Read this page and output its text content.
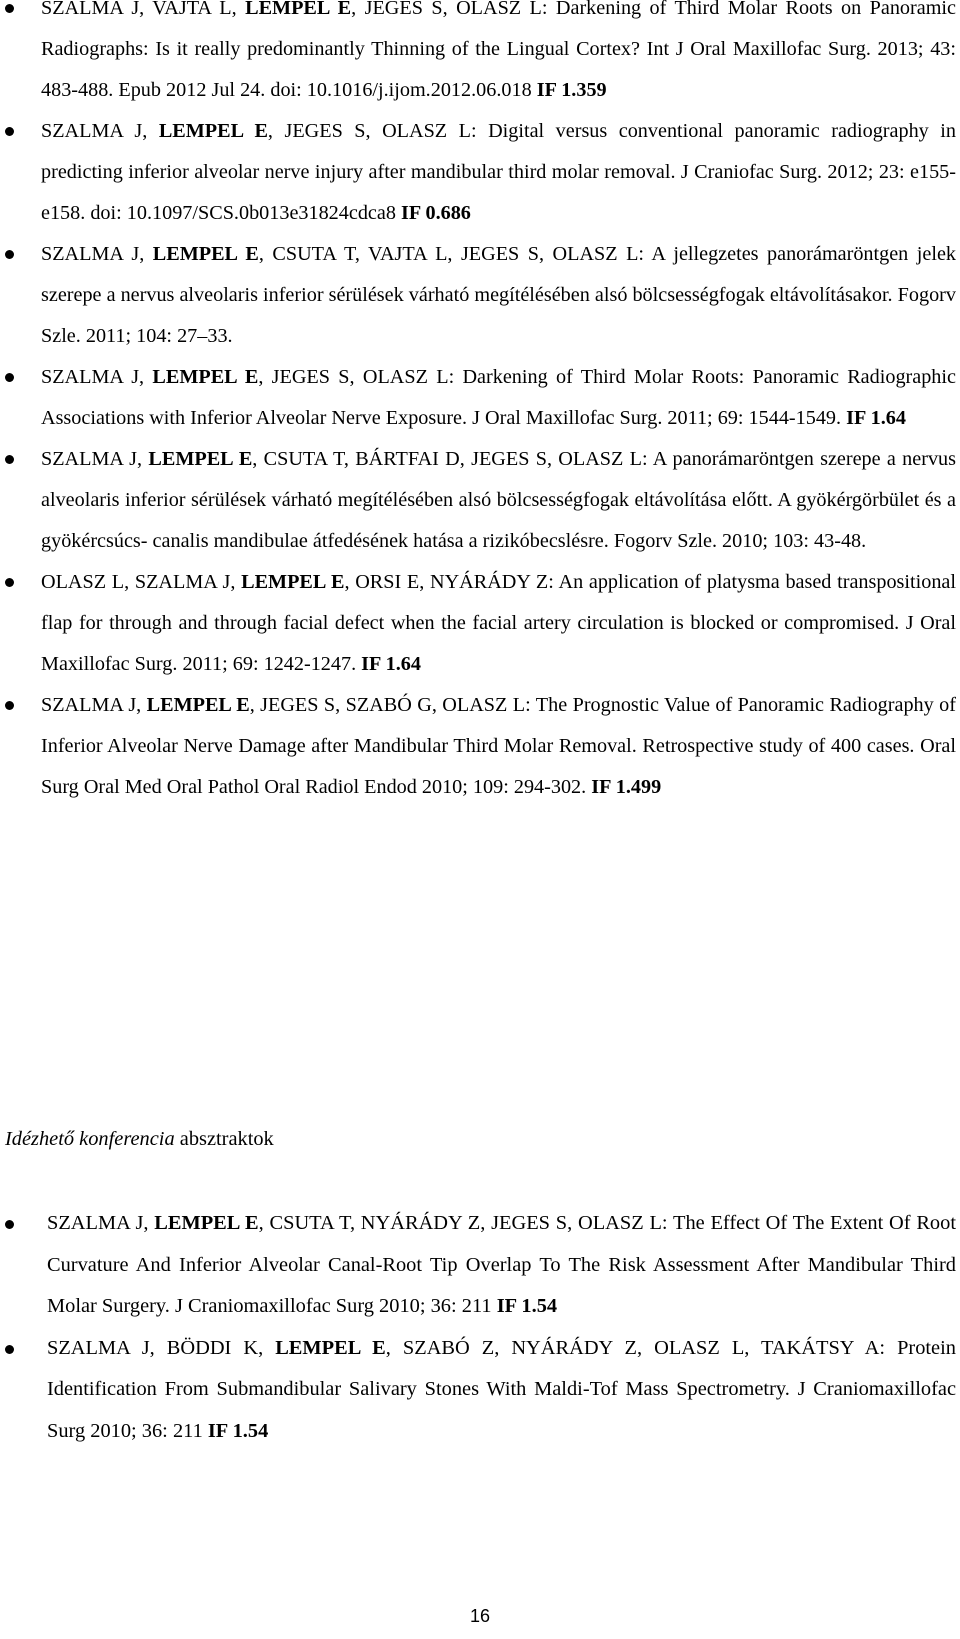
SZALMA J, VAJTA L, LEMPEL E, JEGES S, OLASZ L: Darkening of Third Molar Roots on Panoramic Radiographs: Is it really predominantly Thinning of the Lingual Cortex? Int J Oral Maxillofac Surg. 2013; 43: 483-488. Epub 2012 Jul 24. doi: 10.1016/j.ijom.2012.06.018 IF 1.359
SZALMA J, LEMPEL E, JEGES S, OLASZ L: Digital versus conventional panoramic radiography in predicting inferior alveolar nerve injury after mandibular third molar removal. J Craniofac Surg. 2012; 23: e155-e158. doi: 10.1097/SCS.0b013e31824cdca8 IF 0.686
SZALMA J, LEMPEL E, CSUTA T, VAJTA L, JEGES S, OLASZ L: A jellegzetes panorámaröntgen jelek szerepe a nervus alveolaris inferior sérülések várható megítélésében alsó bölcsességfogak eltávolításakor. Fogorv Szle. 2011; 104: 27–33.
SZALMA J, LEMPEL E, JEGES S, OLASZ L: Darkening of Third Molar Roots: Panoramic Radiographic Associations with Inferior Alveolar Nerve Exposure. J Oral Maxillofac Surg. 2011; 69: 1544-1549. IF 1.64
SZALMA J, LEMPEL E, CSUTA T, BÁRTFAI D, JEGES S, OLASZ L: A panorámaröntgen szerepe a nervus alveolaris inferior sérülések várható megítélésében alsó bölcsességfogak eltávolítása előtt. A gyökérgörbület és a gyökércsúcs- canalis mandibulae átfedésének hatása a rizikóbecslésre. Fogorv Szle. 2010; 103: 43-48.
OLASZ L, SZALMA J, LEMPEL E, ORSI E, NYÁRÁDY Z: An application of platysma based transpositional flap for through and through facial defect when the facial artery circulation is blocked or compromised. J Oral Maxillofac Surg. 2011; 69: 1242-1247. IF 1.64
SZALMA J, LEMPEL E, JEGES S, SZABÓ G, OLASZ L: The Prognostic Value of Panoramic Radiography of Inferior Alveolar Nerve Damage after Mandibular Third Molar Removal. Retrospective study of 400 cases. Oral Surg Oral Med Oral Pathol Oral Radiol Endod 2010; 109: 294-302. IF 1.499

Idézhető konferencia absztraktok

SZALMA J, LEMPEL E, CSUTA T, NYÁRÁDY Z, JEGES S, OLASZ L: The Effect Of The Extent Of Root Curvature And Inferior Alveolar Canal-Root Tip Overlap To The Risk Assessment After Mandibular Third Molar Surgery. J Craniomaxillofac Surg 2010; 36: 211 IF 1.54
SZALMA J, BÖDDI K, LEMPEL E, SZABÓ Z, NYÁRÁDY Z, OLASZ L, TAKÁTSY A: Protein Identification From Submandibular Salivary Stones With Maldi-Tof Mass Spectrometry. J Craniomaxillofac Surg 2010; 36: 211 IF 1.54
16
